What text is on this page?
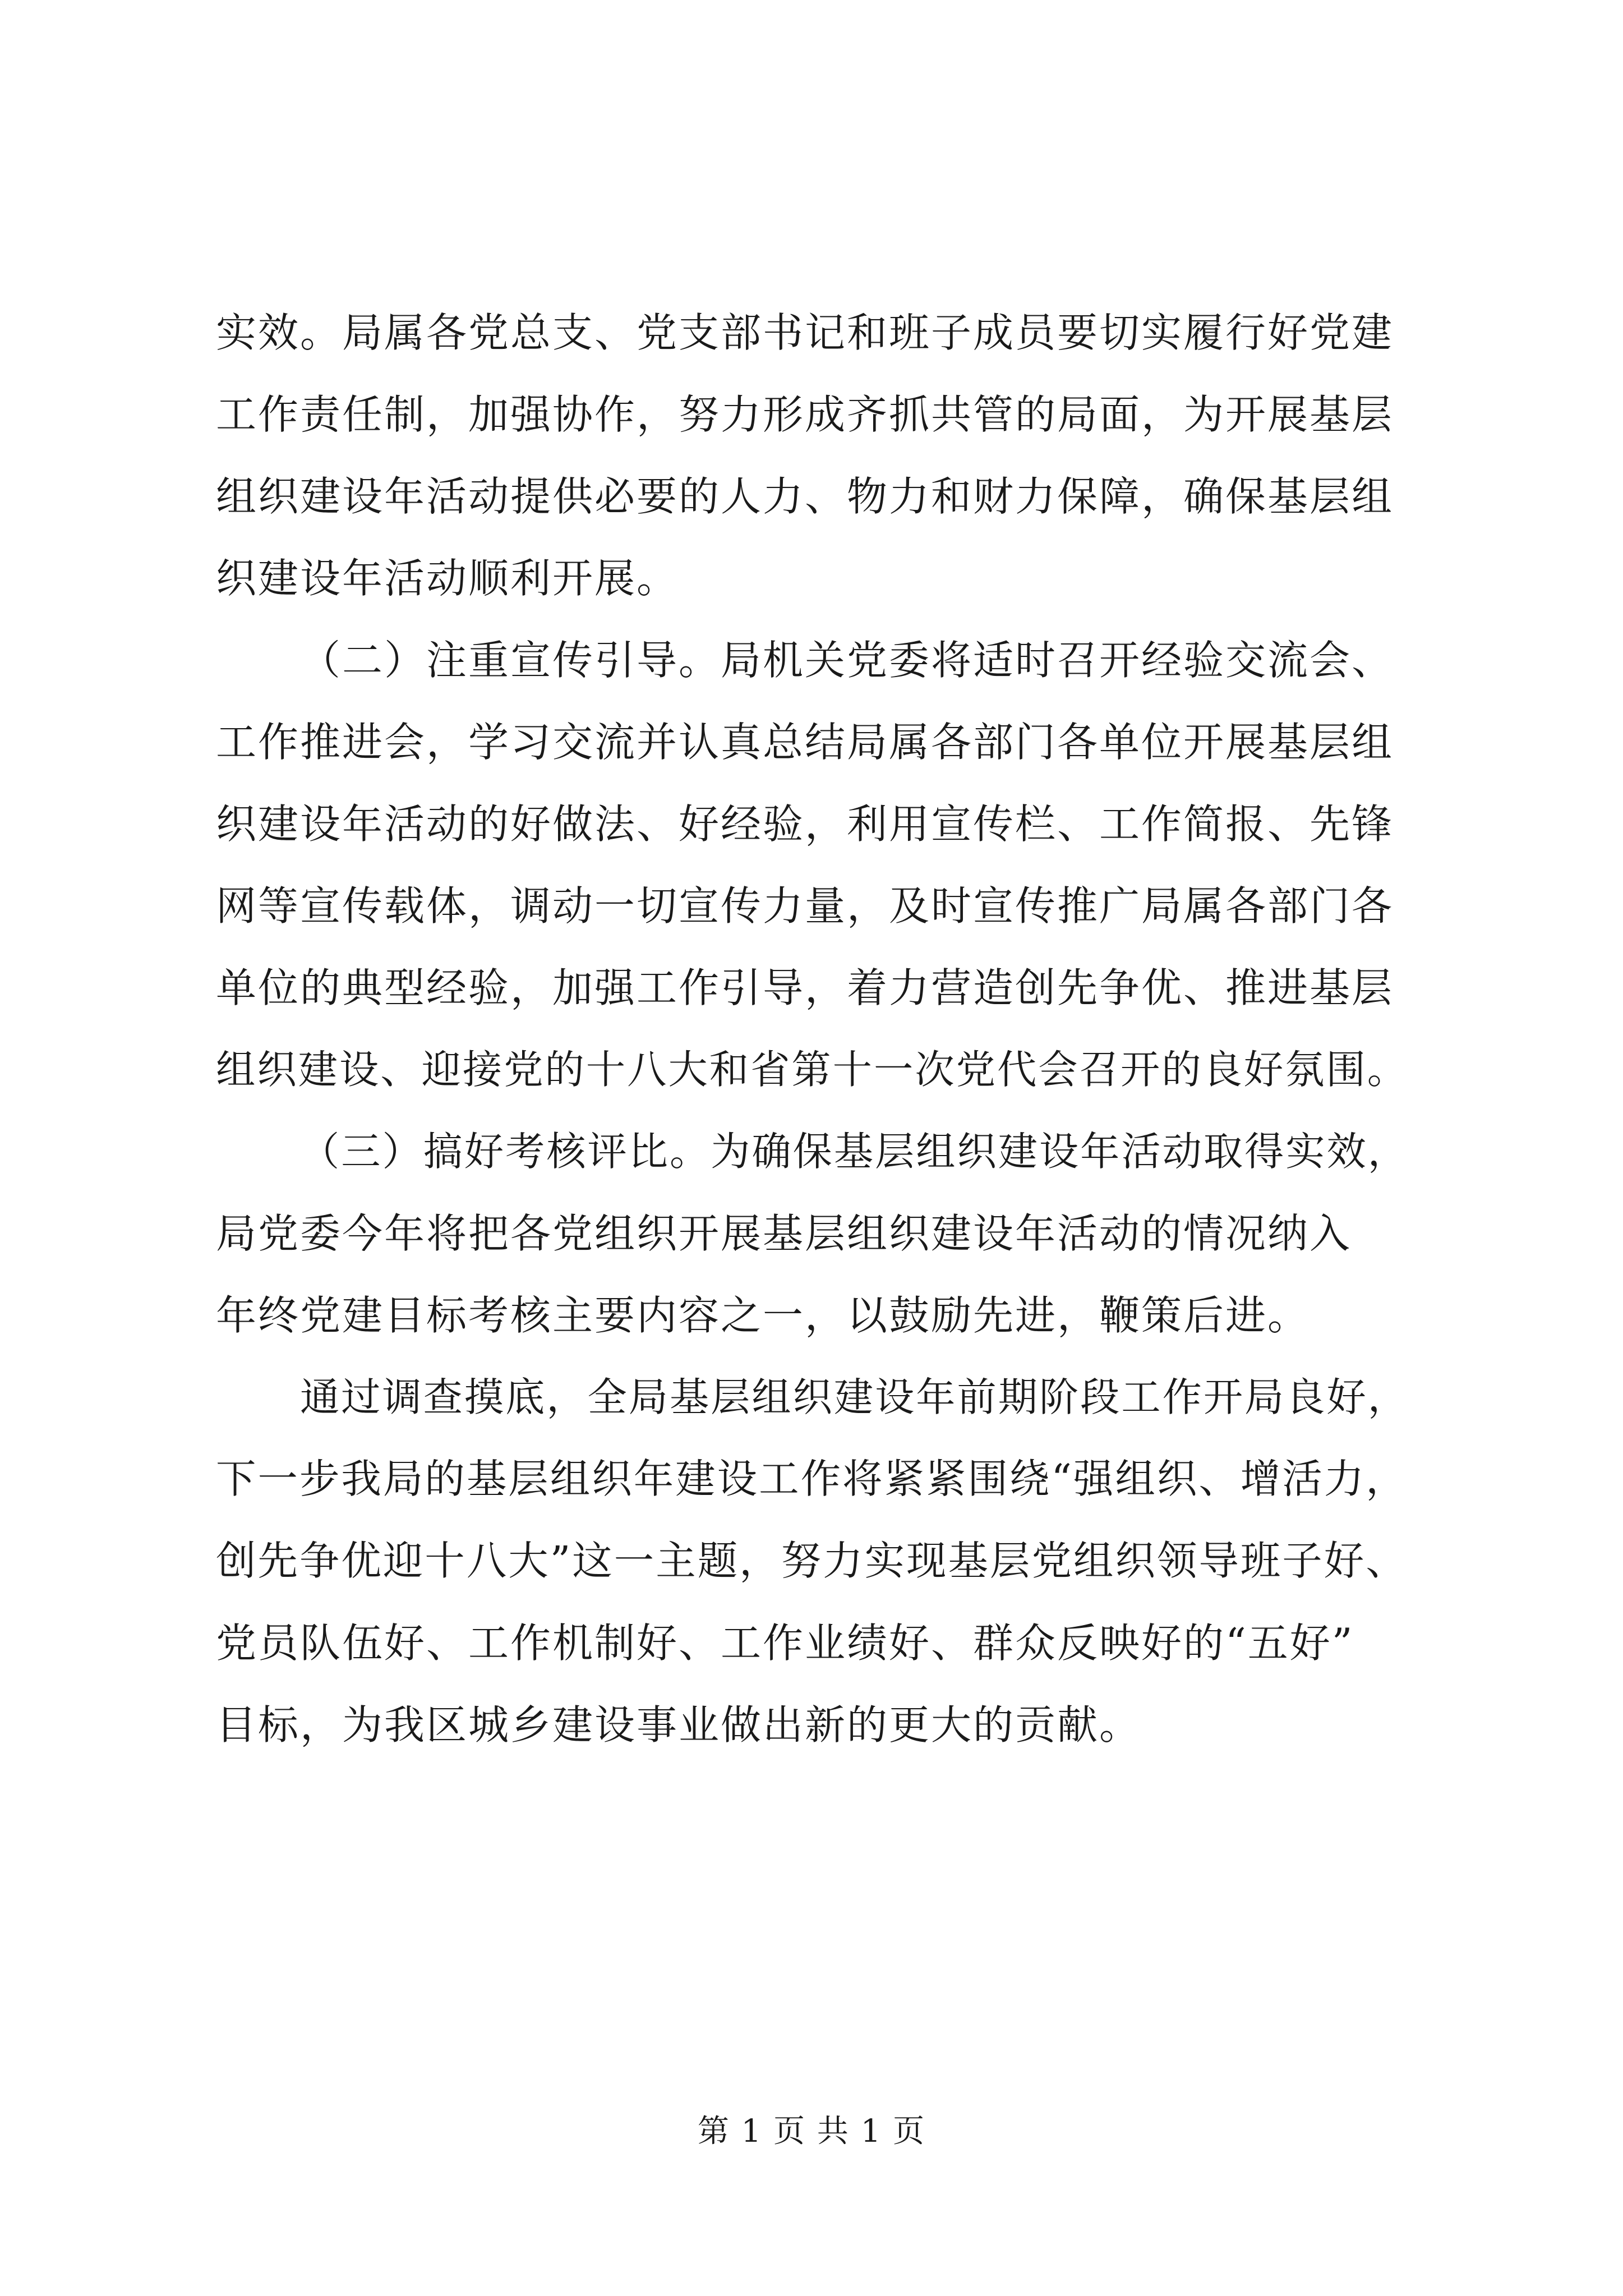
实效。局属各党总支、党支部书记和班子成员要切实履行好党建
工作责任制，加强协作，努力形成齐抓共管的局面，为开展基层
组织建设年活动提供必要的人力、物力和财力保障，确保基层组
织建设年活动顺利开展。
（二）注重宣传引导。局机关党委将适时召开经验交流会、
工作推进会，学习交流并认真总结局属各部门各单位开展基层组
织建设年活动的好做法、好经验，利用宣传栏、工作简报、先锋
网等宣传载体，调动一切宣传力量，及时宣传推广局属各部门各
单位的典型经验，加强工作引导，着力营造创先争优、推进基层
组织建设、迎接党的十八大和省第十一次党代会召开的良好氛围。
（三）搞好考核评比。为确保基层组织建设年活动取得实效，
局党委今年将把各党组织开展基层组织建设年活动的情况纳入
年终党建目标考核主要内容之一，以鼓励先进，鞭策后进。
通过调查摸底，全局基层组织建设年前期阶段工作开局良好，
下一步我局的基层组织年建设工作将紧紧围绕“强组织、增活力，
创先争优迎十八大”这一主题，努力实现基层党组织领导班子好、
党员队伍好、工作机制好、工作业绩好、群众反映好的“五好”
目标，为我区城乡建设事业做出新的更大的贡献。
第 1 页 共 1 页
